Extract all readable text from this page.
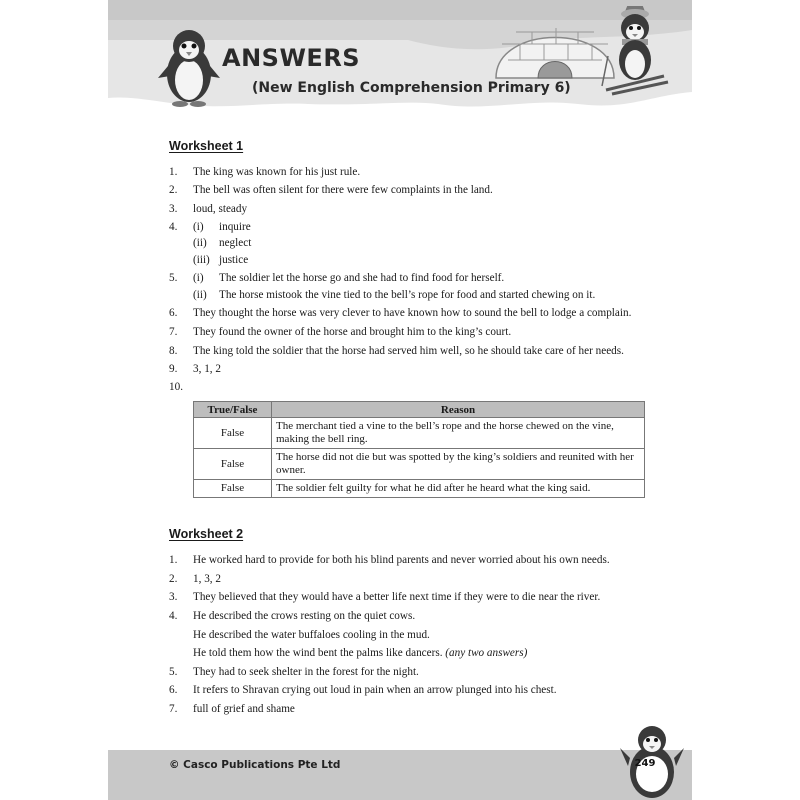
ANSWERS
(New English Comprehension Primary 6)
Worksheet 1
1. The king was known for his just rule.
2. The bell was often silent for there were few complaints in the land.
3. loud, steady
4. (i) inquire
(ii) neglect
(iii) justice
5. (i) The soldier let the horse go and she had to find food for herself.
(ii) The horse mistook the vine tied to the bell’s rope for food and started chewing on it.
6. They thought the horse was very clever to have known how to sound the bell to lodge a complain.
7. They found the owner of the horse and brought him to the king’s court.
8. The king told the soldier that the horse had served him well, so he should take care of her needs.
9. 3, 1, 2
10.
True/False	Reason
False	The merchant tied a vine to the bell’s rope and the horse chewed on the vine, making the bell ring.
False	The horse did not die but was spotted by the king’s soldiers and reunited with her owner.
False	The soldier felt guilty for what he did after he heard what the king said.
Worksheet 2
1. He worked hard to provide for both his blind parents and never worried about his own needs.
2. 1, 3, 2
3. They believed that they would have a better life next time if they were to die near the river.
4. He described the crows resting on the quiet cows.
He described the water buffaloes cooling in the mud.
He told them how the wind bent the palms like dancers. (any two answers)
5. They had to seek shelter in the forest for the night.
6. It refers to Shravan crying out loud in pain when an arrow plunged into his chest.
7. full of grief and shame
© Casco Publications Pte Ltd	249
